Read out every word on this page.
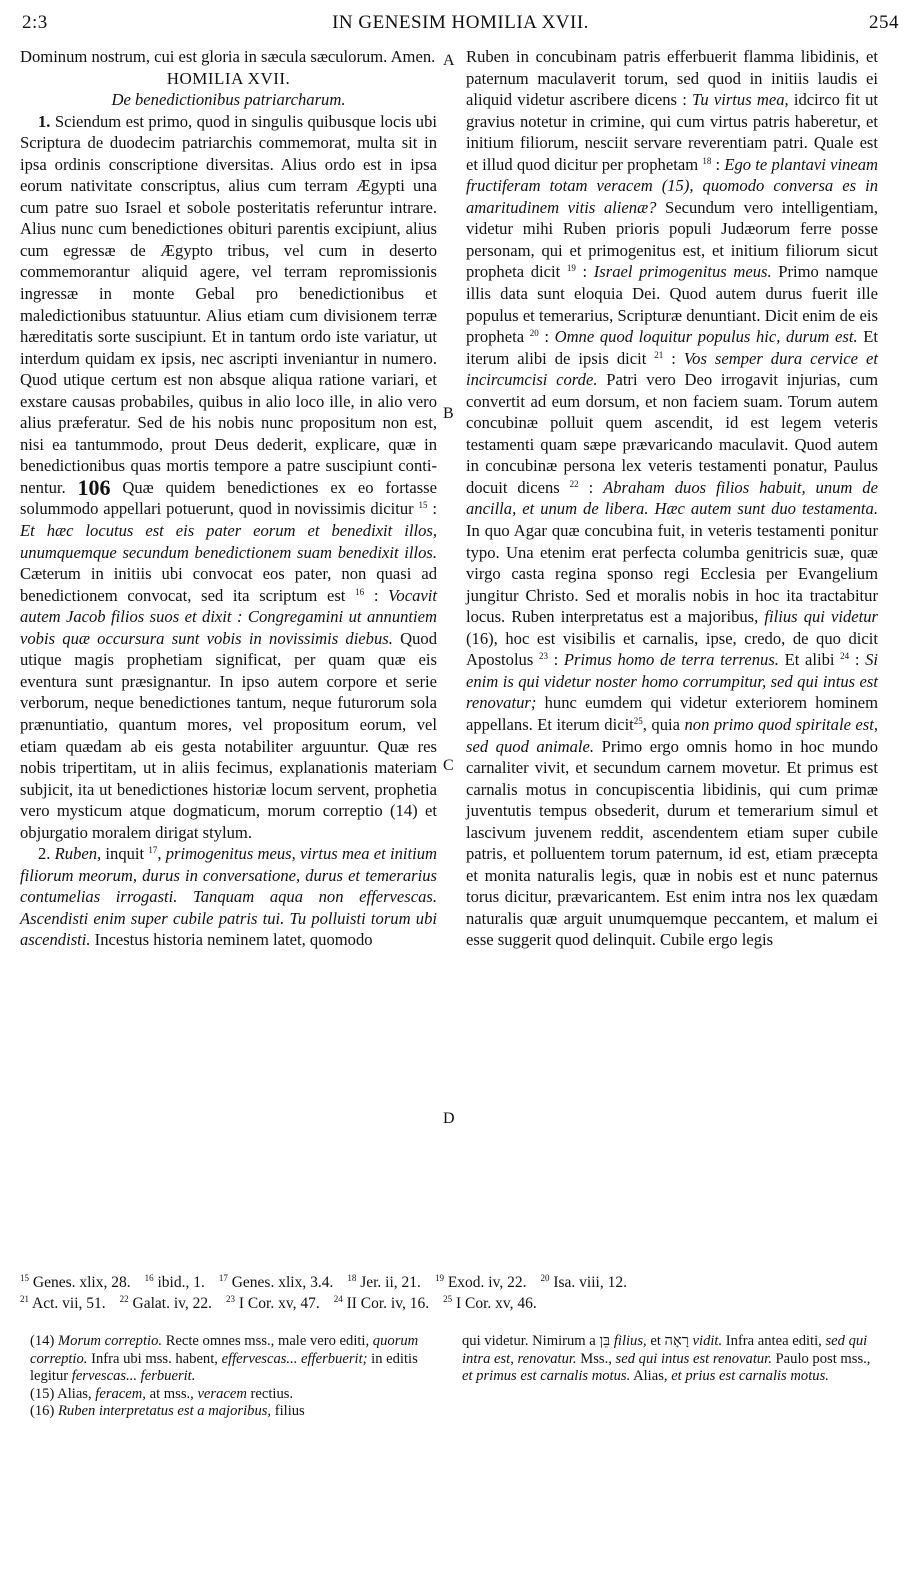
2:3	IN GENESIM HOMILIA XVII.	254
A
B
C
D

Dominum nostrum, cui est gloria in sæcula sæculorum. Amen.

HOMILIA XVII.

De benedictionibus patriarcharum.

1. Sciendum est primo, quod in singulis quibusque locis ubi Scriptura de duodecim patriarchis commemorat, multa sit in ipsa ordinis conscriptione diversitas. Alius ordo est in ipsa eorum nativitate conscriptus, alius cum terram Ægypti una cum patre suo Israel et sobole posteritatis referuntur intrare. Alius nunc cum benedictiones obituri parentis excipiunt, alius cum egressæ de Ægypto tribus, vel cum in deserto commemorantur aliquid agere, vel terram repromissionis ingressæ in monte Gebal pro benedictionibus et maledictionibus statuuntur. Alius etiam cum divisionem terræ hæreditatis sorte suscipiunt. Et in tantum ordo iste variatur, ut interdum quidam ex ipsis, nec ascripti inveniantur in numero. Quod utique certum est non absque aliqua ratione variari, et exstare causas probabiles, quibus in alio loco ille, in alio vero alius præferatur. Sed de his nobis nunc propositum non est, nisi ea tantummodo, prout Deus dederit, explicare, quæ in benedictionibus quas mortis tempore a patre suscipiunt conti- nentur. 106 Quæ quidem benedictiones ex eo fortasse solummodo appellari potuerunt, quod in novissimis dicitur $^{15}$ : Et hæc locutus est eis pater eorum et benedixit illos, unumquemque secundum benedictionem suam benedixit illos. Cæterum in initiis ubi convocat eos pater, non quasi ad benedictionem convocat, sed ita scriptum est $^{16}$ : Vocavit autem Jacob filios suos et dixit : Congregamini ut annuntiem vobis quæ occursura sunt vobis in novissimis diebus. Quod utique magis prophetiam significat, per quam quæ eis eventura sunt præsignantur. In ipso autem corpore et serie verborum, neque benedictiones tantum, neque futurorum sola prænuntiatio, quantum mores, vel propositum eorum, vel etiam quædam ab eis gesta notabiliter arguuntur. Quæ res nobis tripertitam, ut in aliis fecimus, explanationis materiam subjicit, ita ut benedictiones historiæ locum servent, prophetia vero mysticum atque dogmaticum, morum correptio (14) et objurgatio moralem dirigat stylum.

2. Ruben, inquit $^{17}$, primogenitus meus, virtus mea et initium filiorum meorum, durus in conversatione, durus et temerarius contumelias irrogasti. Tanquam aqua non effervescas. Ascendisti enim super cubile patris tui. Tu polluisti torum ubi ascendisti. Incestus historia neminem latet, quomodo

Ruben in concubinam patris efferbuerit flamma libidinis, et paternum maculaverit torum, sed quod in initiis laudis ei aliquid videtur ascribere dicens : Tu virtus mea, idcirco fit ut gravius notetur in crimine, qui cum virtus patris haberetur, et initium filiorum, nesciit servare reverentiam patri. Quale est et illud quod dicitur per prophetam $^{18}$ : Ego te plantavi vineam fructiferam totam veracem (15), quomodo conversa es in amaritudinem vitis alienæ? Secundum vero intelligentiam, videtur mihi Ruben prioris populi Judæorum ferre posse personam, qui et primogenitus est, et initium filiorum sicut propheta dicit $^{19}$ : Israel primogenitus meus. Primo namque illis data sunt eloquia Dei. Quod autem durus fuerit ille populus et temerarius, Scripturæ denuntiant. Dicit enim de eis propheta $^{20}$ : Omne quod loquitur populus hic, durum est. Et iterum alibi de ipsis dicit $^{21}$ : Vos semper dura cervice et incircumcisi corde. Patri vero Deo irrogavit injurias, cum convertit ad eum dorsum, et non faciem suam. Torum autem concubinæ polluit quem ascendit, id est legem veteris testamenti quam sæpe prævaricando maculavit. Quod autem in concubinæ persona lex veteris testamenti ponatur, Paulus docuit dicens $^{22}$ : Abraham duos filios habuit, unum de ancilla, et unum de libera. Hæc autem sunt duo testamenta. In quo Agar quæ concubina fuit, in veteris testamenti ponitur typo. Una etenim erat perfecta columba genitricis suæ, quæ virgo casta regina sponso regi Ecclesia per Evangelium jungitur Christo. Sed et moralis nobis in hoc ita tractabitur locus. Ruben interpretatus est a majoribus, filius qui videtur (16), hoc est visibilis et carnalis, ipse, credo, de quo dicit Apostolus $^{23}$ : Primus homo de terra terrenus. Et alibi $^{24}$ : Si enim is qui videtur noster homo corrumpitur, sed qui intus est renovatur; hunc eumdem qui videtur exteriorem hominem appellans. Et iterum dicit$^{25}$, quia non primo quod spiritale est, sed quod animale. Primo ergo omnis homo in hoc mundo carnaliter vivit, et secundum carnem movetur. Et primus est carnalis motus in concupiscentia libidinis, qui cum primæ juventutis tempus obsederit, durum et temerarium simul et lascivum juvenem reddit, ascendentem etiam super cubile patris, et polluentem torum paternum, id est, etiam præcepta et monita naturalis legis, quæ in nobis est et nunc paternus torus dicitur, prævaricantem. Est enim intra nos lex quædam naturalis quæ arguit unumquemque peccantem, et malum ei esse suggerit quod delinquit. Cubile ergo legis

$^{15}$ Genes. xlix, 28. $^{16}$ ibid., 1. $^{17}$ Genes. xlix, 3.4. $^{18}$ Jer. ii, 21. $^{19}$ Exod. iv, 22. $^{20}$ Isa. viii, 12.
$^{21}$ Act. vii, 51. $^{22}$ Galat. iv, 22. $^{23}$ I Cor. xv, 47. $^{24}$ II Cor. iv, 16. $^{25}$ I Cor. xv, 46.

(14) Morum correptio. Recte omnes mss., male vero editi, quorum correptio. Infra ubi mss. habent, effervescas... efferbuerit; in editis legitur fervescas... ferbuerit.

(15) Alias, feracem, at mss., veracem rectius.

(16) Ruben interpretatus est a majoribus, filius

qui videtur. Nimirum a בֵּן filius, et רָאָה vidit. Infra antea editi, sed qui intra est, renovatur. Mss., sed qui intus est renovatur. Paulo post mss., et primus est carnalis motus. Alias, et prius est carnalis motus.
